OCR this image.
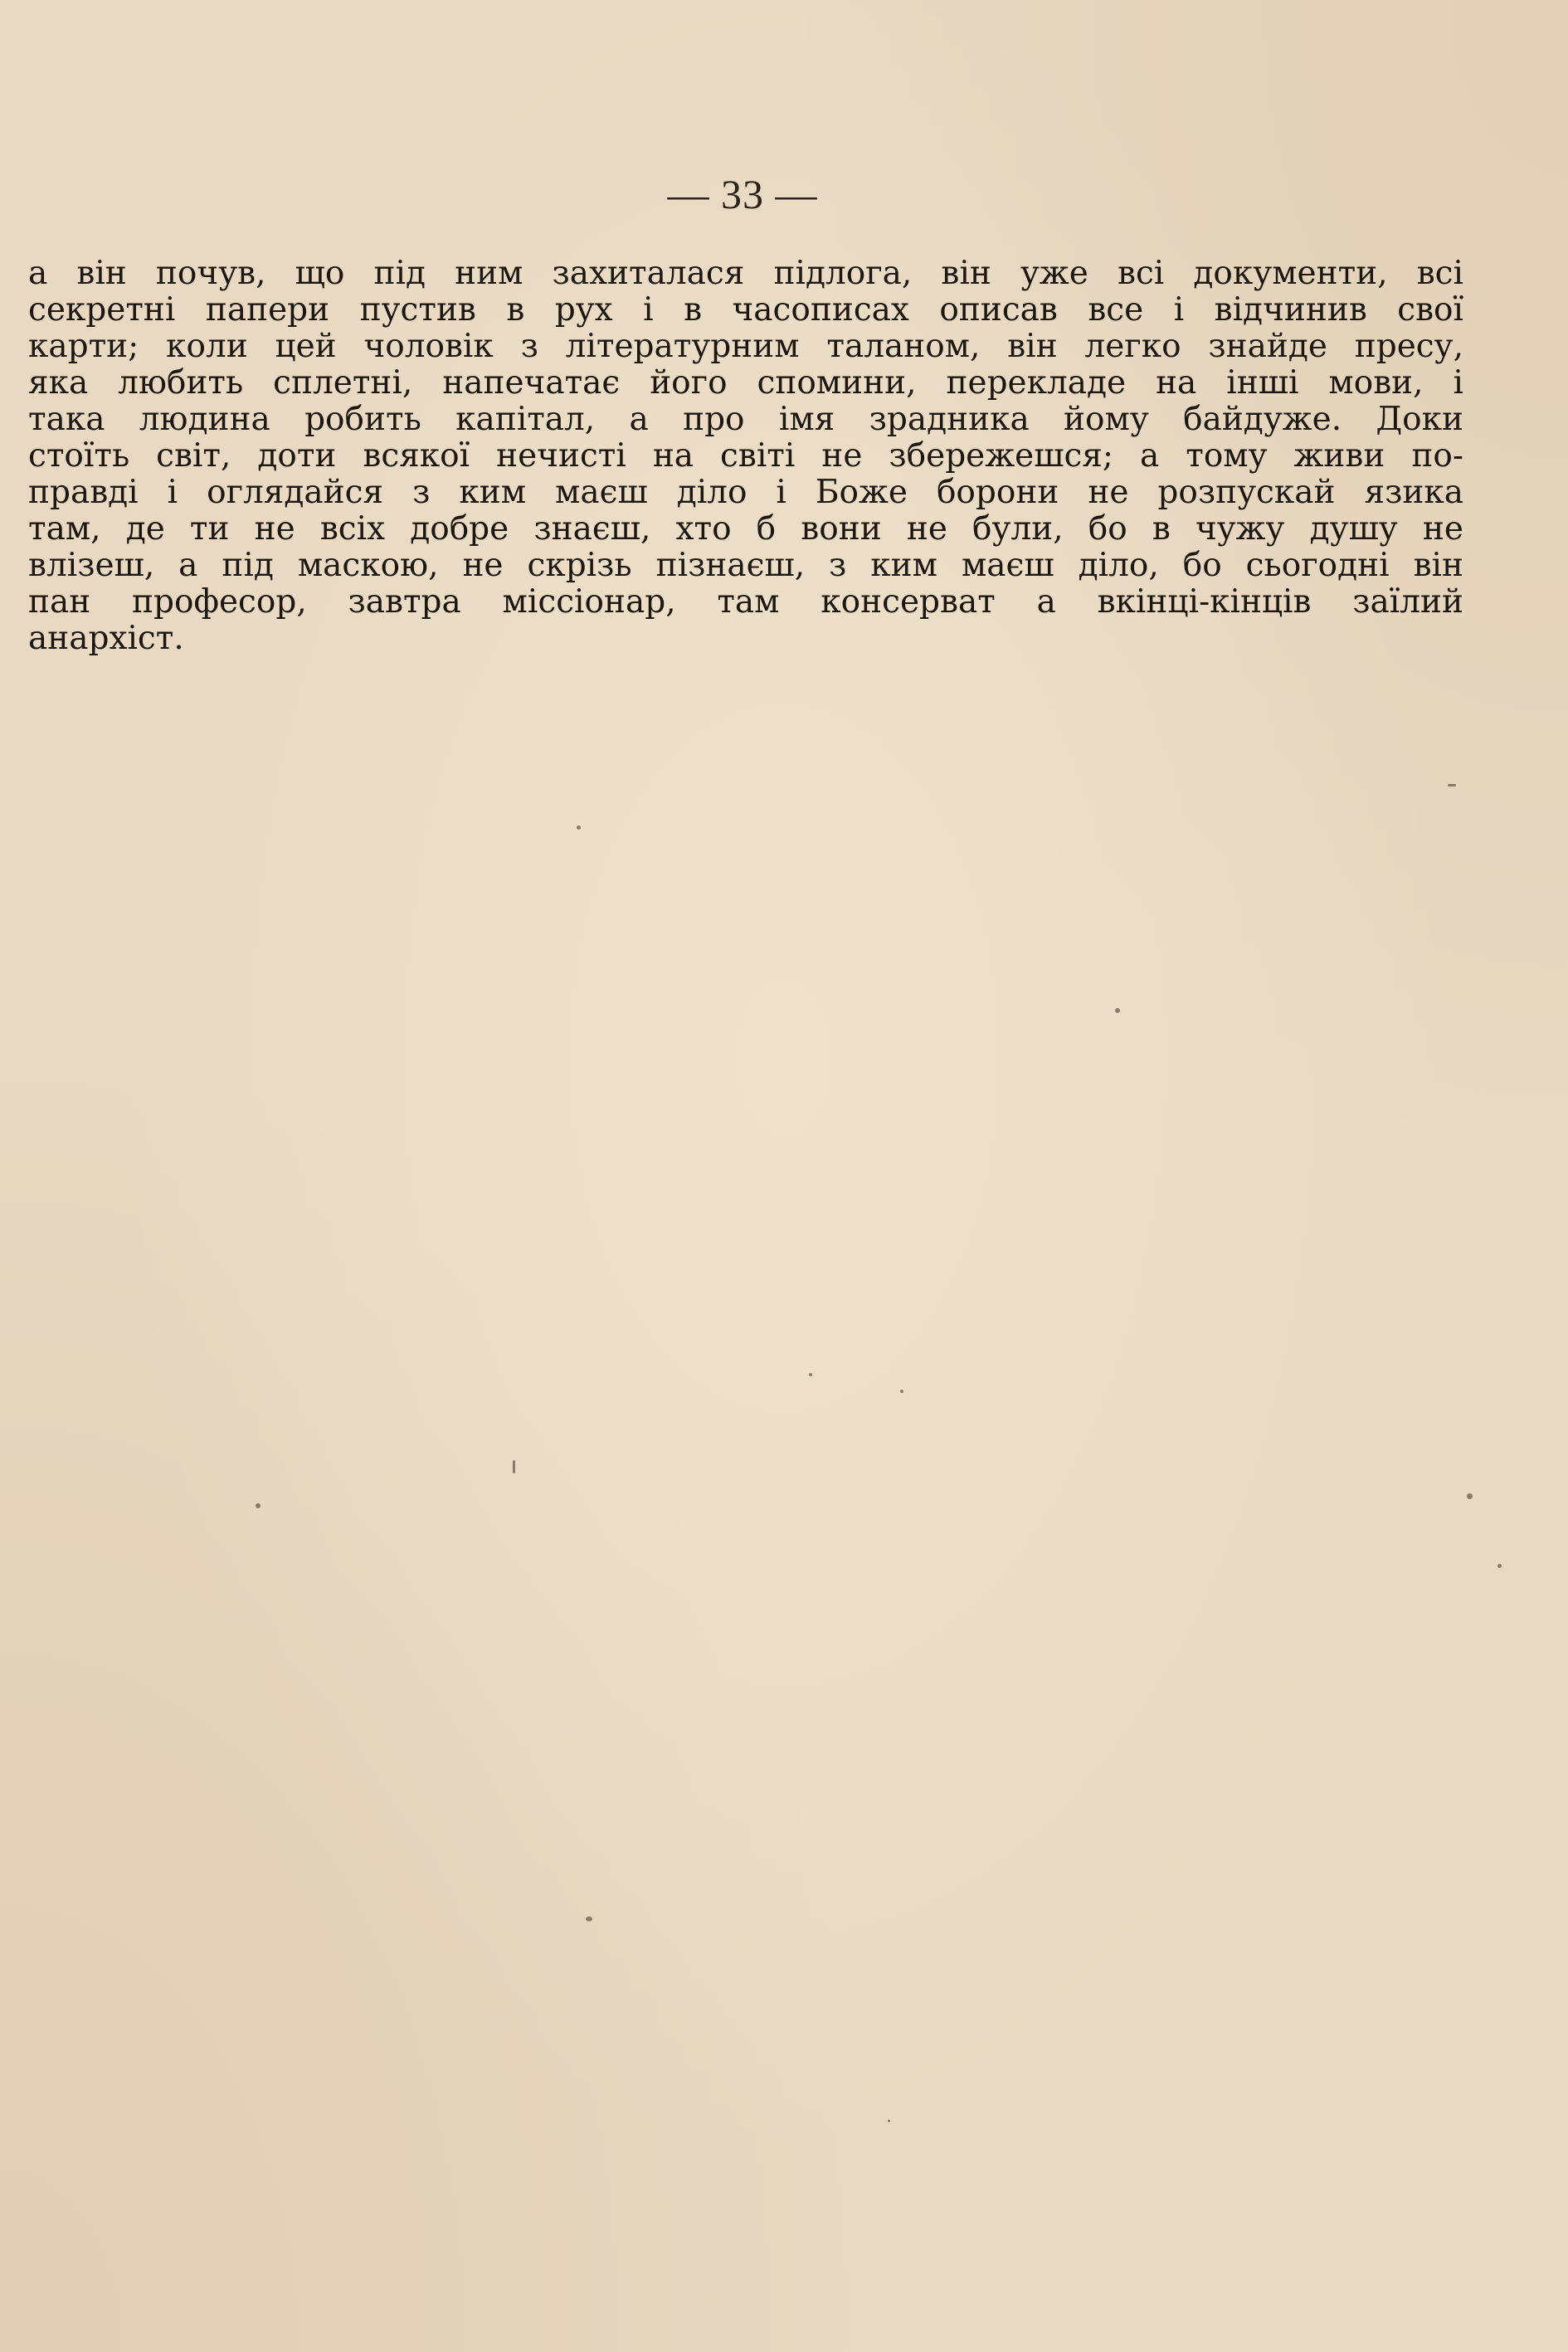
— 33 —
а він почув, що під ним захиталася підлога, він уже всі документи, всі
секретні папери пустив в рух і в часописах описав все і відчинив свої
карти; коли цей чоловік з літературним таланом, він легко знайде пресу,
яка любить сплетні, напечатає його спомини, перекладе на інші мови, і
така людина робить капітал, а про імя зрадника йому байдуже. Доки
стоїть світ, доти всякої нечисті на світі не збережешся; а тому живи по-
правді і оглядайся з ким маєш діло і Боже борони не розпускай язика
там, де ти не всіх добре знаєш, хто б вони не були, бо в чужу душу не
влізеш, а під маскою, не скрізь пізнаєш, з ким маєш діло, бо сьогодні він
пан професор, завтра міссіонар, там консерват а вкінці-кінців заїлий
анархіст.
